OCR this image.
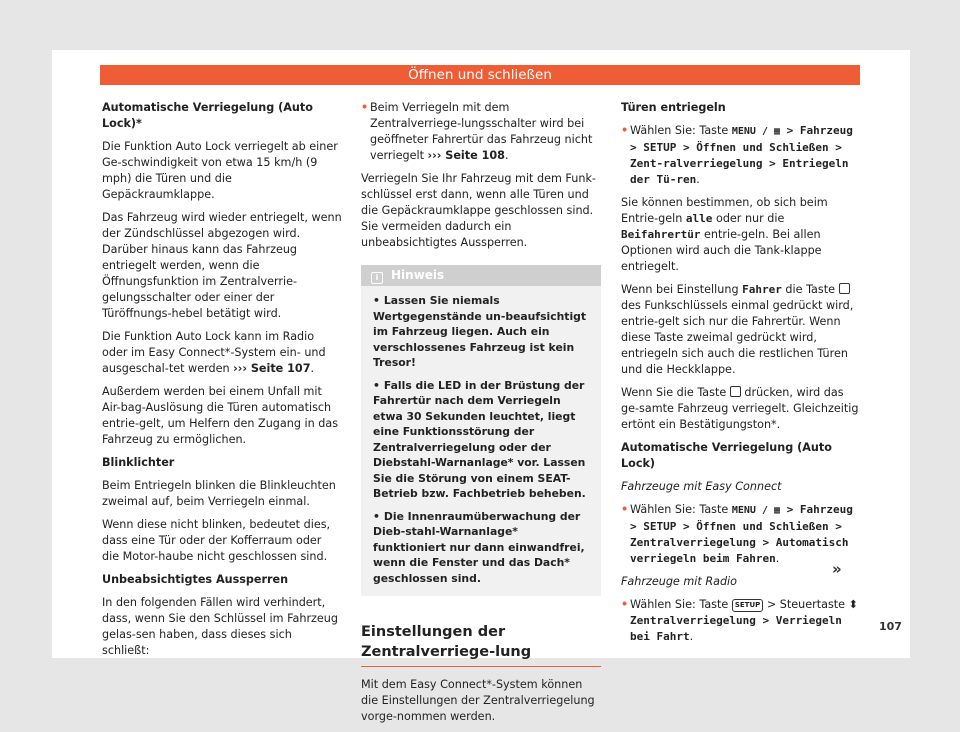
Öffnen und schließen

Automatische Verriegelung (Auto Lock)*

Die Funktion Auto Lock verriegelt ab einer Ge-schwindigkeit von etwa 15 km/h (9 mph) die Türen und die Gepäckraumklappe.

Das Fahrzeug wird wieder entriegelt, wenn der Zündschlüssel abgezogen wird. Darüber hinaus kann das Fahrzeug entriegelt werden, wenn die Öffnungsfunktion im Zentralverrie-gelungsschalter oder einer der Türöffnungs-hebel betätigt wird.

Die Funktion Auto Lock kann im Radio oder im Easy Connect*-System ein- und ausgeschal-tet werden ››› Seite 107.

Außerdem werden bei einem Unfall mit Air-bag-Auslösung die Türen automatisch entrie-gelt, um Helfern den Zugang in das Fahrzeug zu ermöglichen.

Blinklichter

Beim Entriegeln blinken die Blinkleuchten zweimal auf, beim Verriegeln einmal.

Wenn diese nicht blinken, bedeutet dies, dass eine Tür oder der Kofferraum oder die Motor-haube nicht geschlossen sind.

Unbeabsichtigtes Aussperren

In den folgenden Fällen wird verhindert, dass, wenn Sie den Schlüssel im Fahrzeug gelas-sen haben, dass dieses sich schließt:

• Beim Verriegeln mit dem Zentralverriege-lungsschalter wird bei geöffneter Fahrertür das Fahrzeug nicht verriegelt ››› Seite 108.

Verriegeln Sie Ihr Fahrzeug mit dem Funk-schlüssel erst dann, wenn alle Türen und die Gepäckraumklappe geschlossen sind. Sie vermeiden dadurch ein unbeabsichtigtes Aussperren.

i Hinweis
• Lassen Sie niemals Wertgegenstände un-beaufsichtigt im Fahrzeug liegen. Auch ein verschlossenes Fahrzeug ist kein Tresor!
• Falls die LED in der Brüstung der Fahrertür nach dem Verriegeln etwa 30 Sekunden leuchtet, liegt eine Funktionsstörung der Zentralverriegelung oder der Diebstahl-Warnanlage* vor. Lassen Sie die Störung von einem SEAT-Betrieb bzw. Fachbetrieb beheben.
• Die Innenraumüberwachung der Dieb-stahl-Warnanlage* funktioniert nur dann einwandfrei, wenn die Fenster und das Dach* geschlossen sind.
Einstellungen der Zentralverriege-lung

Mit dem Easy Connect*-System können die Einstellungen der Zentralverriegelung vorge-nommen werden.

Türen entriegeln

• Wählen Sie: Taste MENU / ▦ > Fahrzeug > SETUP > Öffnen und Schließen > Zent-ralverriegelung > Entriegeln der Tü-ren.

Sie können bestimmen, ob sich beim Entrie-geln alle oder nur die Beifahrertür entrie-geln. Bei allen Optionen wird auch die Tank-klappe entriegelt.

Wenn bei Einstellung Fahrer die Taste  des Funkschlüssels einmal gedrückt wird, entrie-gelt sich nur die Fahrertür. Wenn diese Taste zweimal gedrückt wird, entriegeln sich auch die restlichen Türen und die Heckklappe.

Wenn Sie die Taste  drücken, wird das ge-samte Fahrzeug verriegelt. Gleichzeitig ertönt ein Bestätigungston*.

Automatische Verriegelung (Auto Lock)

Fahrzeuge mit Easy Connect

• Wählen Sie: Taste MENU / ▦ > Fahrzeug > SETUP > Öffnen und Schließen > Zentralverriegelung > Automatisch verriegeln beim Fahren.

Fahrzeuge mit Radio

• Wählen Sie: Taste SETUP > Steuertaste ⬍
Zentralverriegelung > Verriegeln bei Fahrt.

»
107
